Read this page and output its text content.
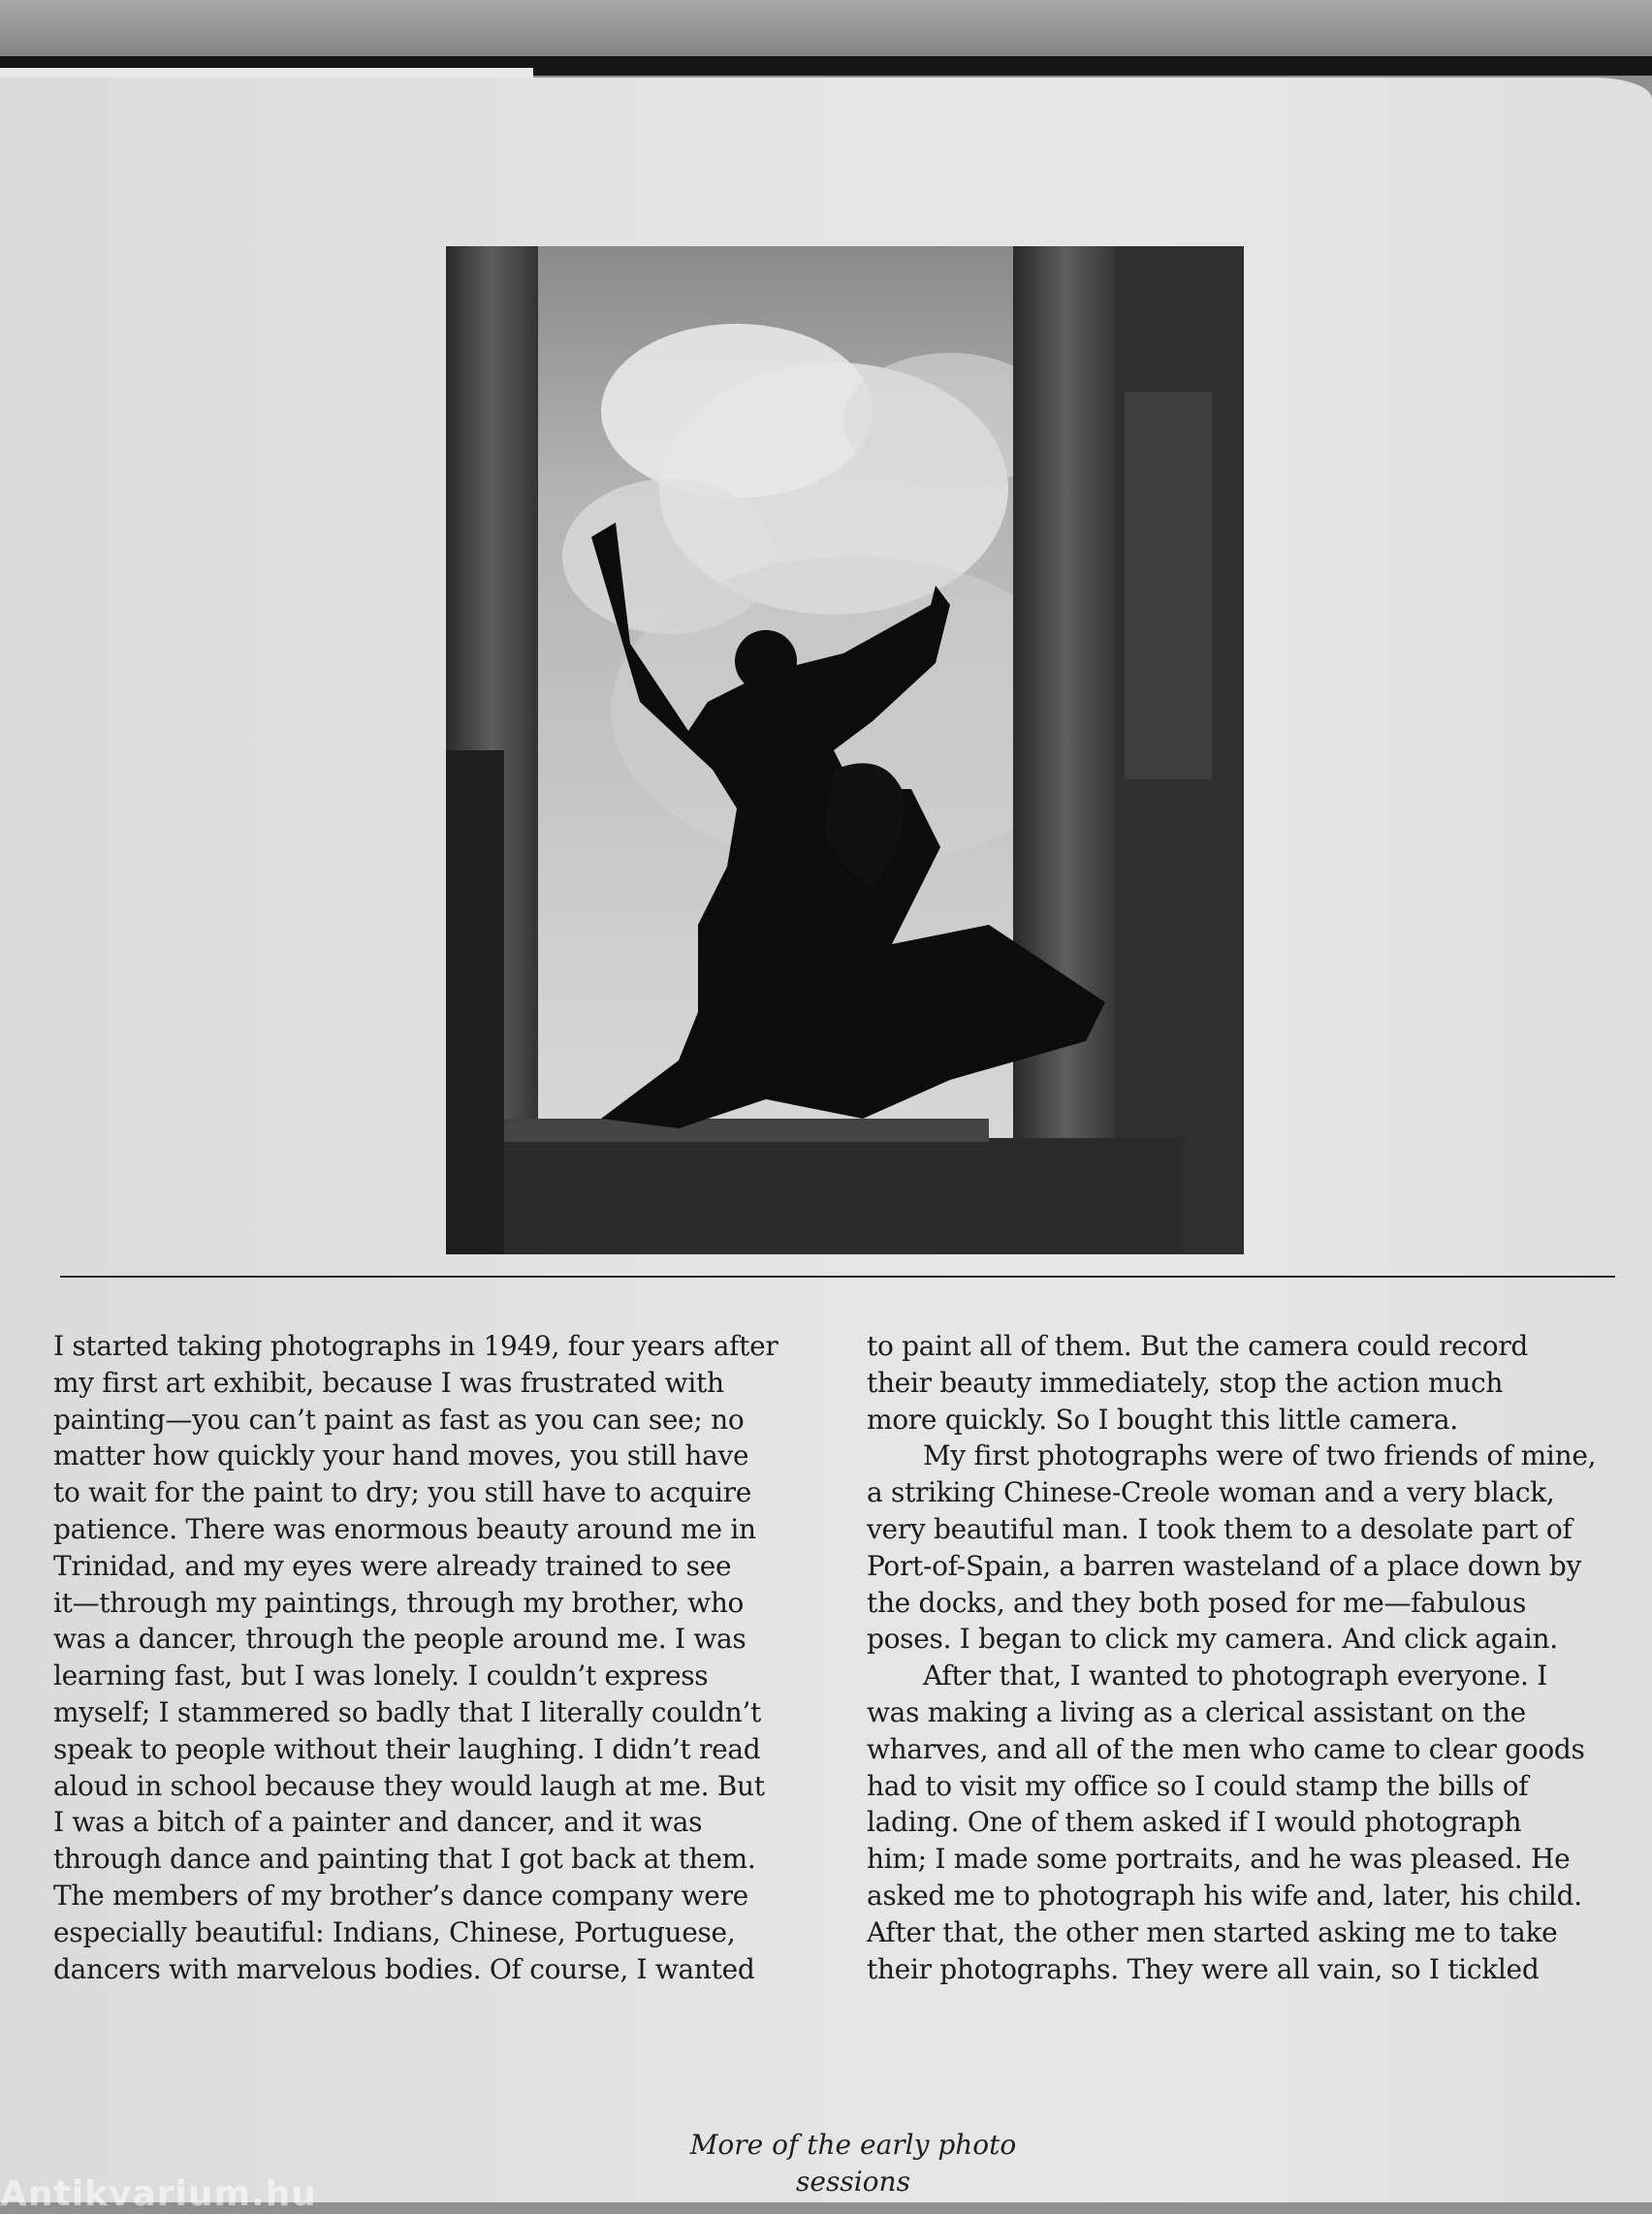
I started taking photographs in 1949, four years after

my first art exhibit, because I was frustrated with

painting—you can’t paint as fast as you can see; no

matter how quickly your hand moves, you still have

to wait for the paint to dry; you still have to acquire

patience. There was enormous beauty around me in

Trinidad, and my eyes were already trained to see

it—through my paintings, through my brother, who

was a dancer, through the people around me. I was

learning fast, but I was lonely. I couldn’t express

myself; I stammered so badly that I literally couldn’t

speak to people without their laughing. I didn’t read

aloud in school because they would laugh at me. But

I was a bitch of a painter and dancer, and it was

through dance and painting that I got back at them.

The members of my brother’s dance company were

especially beautiful: Indians, Chinese, Portuguese,

dancers with marvelous bodies. Of course, I wanted

to paint all of them. But the camera could record

their beauty immediately, stop the action much

more quickly. So I bought this little camera.

My first photographs were of two friends of mine,

a striking Chinese-Creole woman and a very black,

very beautiful man. I took them to a desolate part of

Port-of-Spain, a barren wasteland of a place down by

the docks, and they both posed for me—fabulous

poses. I began to click my camera. And click again.

After that, I wanted to photograph everyone. I

was making a living as a clerical assistant on the

wharves, and all of the men who came to clear goods

had to visit my office so I could stamp the bills of

lading. One of them asked if I would photograph

him; I made some portraits, and he was pleased. He

asked me to photograph his wife and, later, his child.

After that, the other men started asking me to take

their photographs. They were all vain, so I tickled

More of the early photo
sessions
Antikvarium.hu
